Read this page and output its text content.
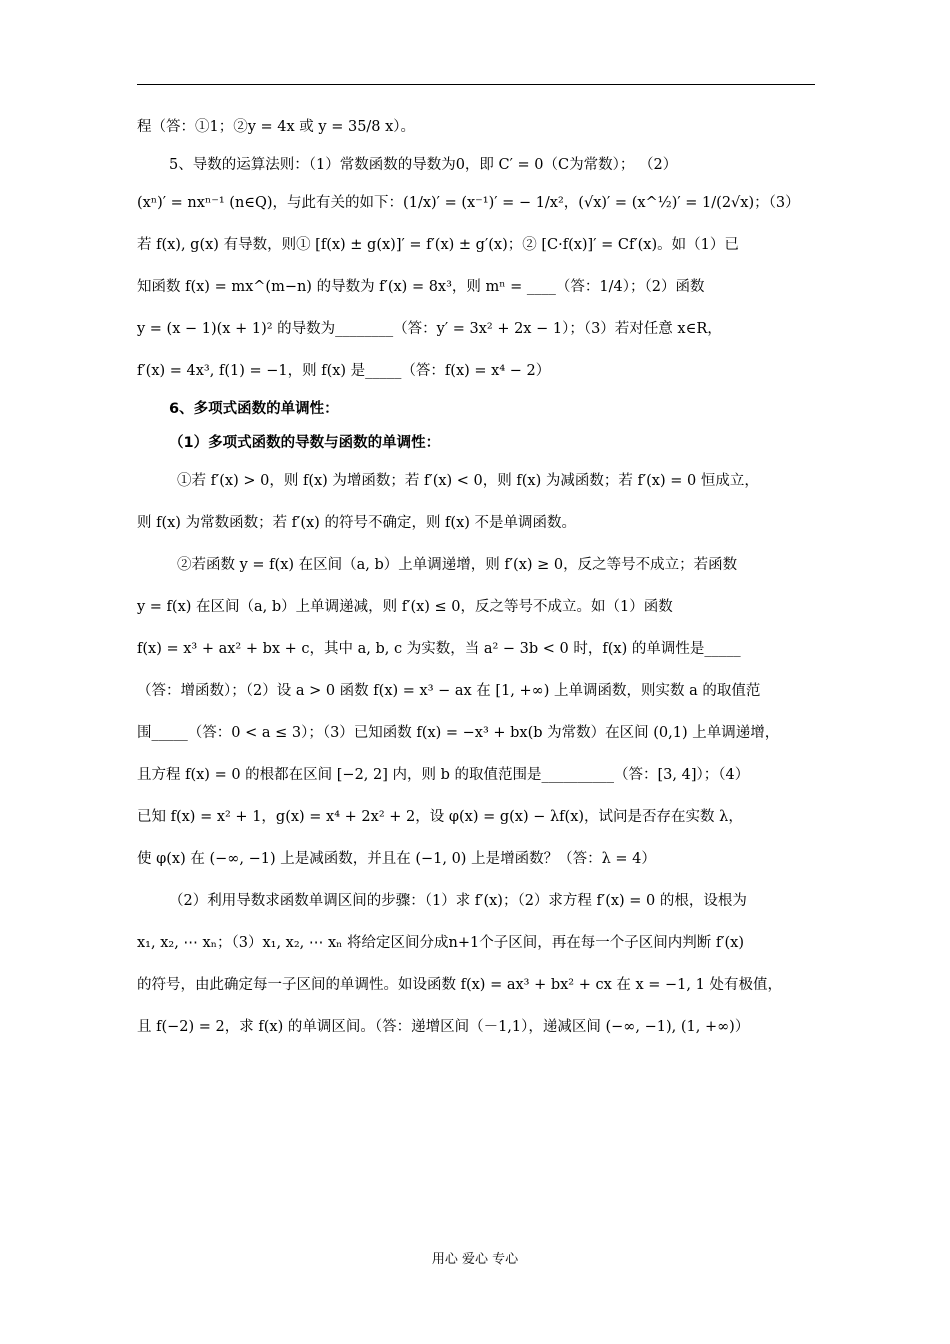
程（答：①1；②y = 4x 或 y = 35/8 x）。
5、导数的运算法则：（1）常数函数的导数为0，即 C′ = 0（C为常数）； （2）
(xⁿ)′ = nxⁿ⁻¹ (n∈Q)，与此有关的如下：(1/x)′ = (x⁻¹)′ = − 1/x²，(√x)′ = (x^½)′ = 1/(2√x)；（3）
若 f(x), g(x) 有导数，则① [f(x) ± g(x)]′ = f′(x) ± g′(x)；② [C·f(x)]′ = Cf′(x)。如（1）已
知函数 f(x) = mx^(m−n) 的导数为 f′(x) = 8x³，则 mⁿ = ____（答：1/4）；（2）函数
y = (x − 1)(x + 1)² 的导数为________（答：y′ = 3x² + 2x − 1）；（3）若对任意 x∈R，
f′(x) = 4x³, f(1) = −1，则 f(x) 是_____（答：f(x) = x⁴ − 2）
6、多项式函数的单调性：
（1）多项式函数的导数与函数的单调性：
①若 f′(x) > 0，则 f(x) 为增函数；若 f′(x) < 0，则 f(x) 为减函数；若 f′(x) = 0 恒成立，
则 f(x) 为常数函数；若 f′(x) 的符号不确定，则 f(x) 不是单调函数。
②若函数 y = f(x) 在区间（a, b）上单调递增，则 f′(x) ≥ 0，反之等号不成立；若函数
y = f(x) 在区间（a, b）上单调递减，则 f′(x) ≤ 0，反之等号不成立。如（1）函数
f(x) = x³ + ax² + bx + c，其中 a, b, c 为实数，当 a² − 3b < 0 时，f(x) 的单调性是_____
（答：增函数）；（2）设 a > 0 函数 f(x) = x³ − ax 在 [1, +∞) 上单调函数，则实数 a 的取值范
围_____（答：0 < a ≤ 3）；（3）已知函数 f(x) = −x³ + bx(b 为常数）在区间 (0,1) 上单调递增，
且方程 f(x) = 0 的根都在区间 [−2, 2] 内，则 b 的取值范围是__________（答：[3, 4]）；（4）
已知 f(x) = x² + 1，g(x) = x⁴ + 2x² + 2，设 φ(x) = g(x) − λf(x)，试问是否存在实数 λ，
使 φ(x) 在 (−∞, −1) 上是减函数，并且在 (−1, 0) 上是增函数？（答：λ = 4）
（2）利用导数求函数单调区间的步骤：（1）求 f′(x)；（2）求方程 f′(x) = 0 的根，设根为
x₁, x₂, ⋯ xₙ；（3）x₁, x₂, ⋯ xₙ 将给定区间分成n+1个子区间，再在每一个子区间内判断 f′(x)
的符号，由此确定每一子区间的单调性。如设函数 f(x) = ax³ + bx² + cx 在 x = −1, 1 处有极值，
且 f(−2) = 2，求 f(x) 的单调区间。（答：递增区间（－1,1），递减区间 (−∞, −1), (1, +∞)）
用心 爱心 专心
